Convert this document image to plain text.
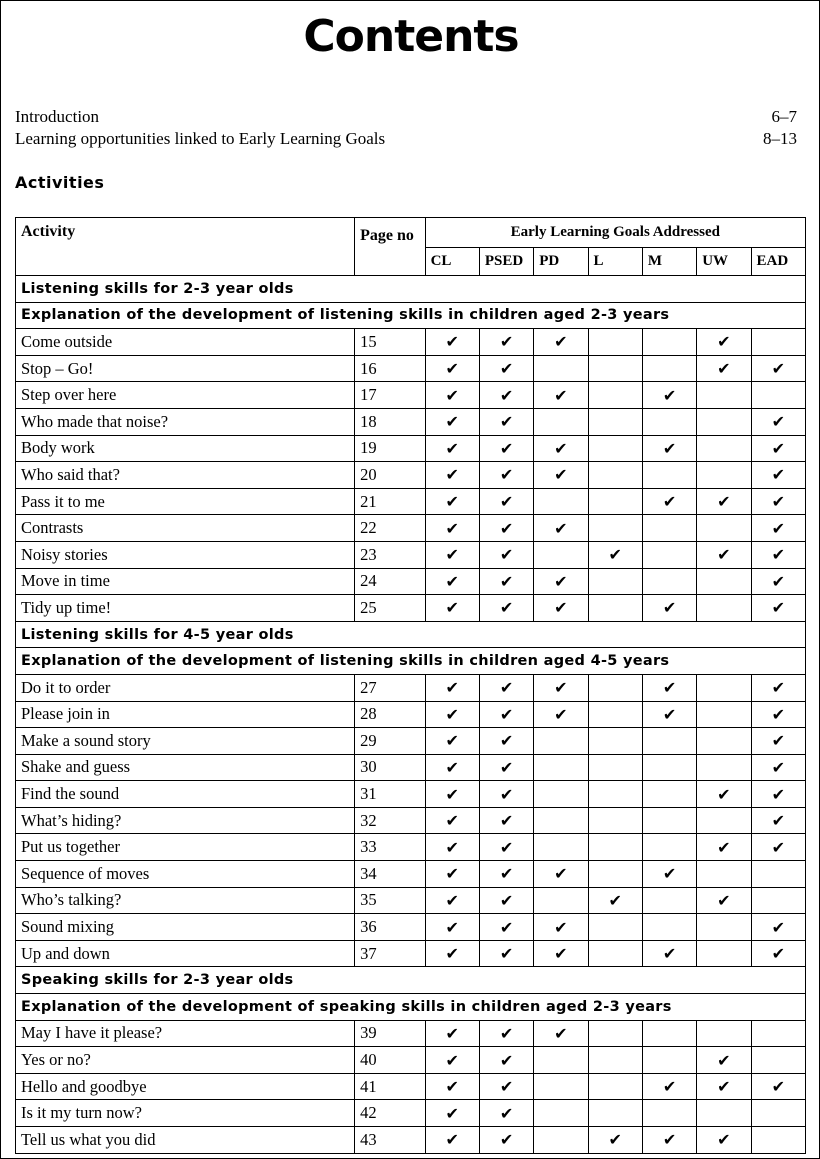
Contents
Introduction	6–7
Learning opportunities linked to Early Learning Goals	8–13
Activities
Activity	Page no	Early Learning Goals Addressed						
		CL	PSED	PD	L	M	UW	EAD
Listening skills for 2-3 year olds								
Explanation of the development of listening skills in children aged 2-3 years								
Come outside	15	✔	✔	✔			✔	
Stop – Go!	16	✔	✔				✔	✔
Step over here	17	✔	✔	✔		✔		
Who made that noise?	18	✔	✔					✔
Body work	19	✔	✔	✔		✔		✔
Who said that?	20	✔	✔	✔				✔
Pass it to me	21	✔	✔			✔	✔	✔
Contrasts	22	✔	✔	✔				✔
Noisy stories	23	✔	✔		✔		✔	✔
Move in time	24	✔	✔	✔				✔
Tidy up time!	25	✔	✔	✔		✔		✔
Listening skills for 4-5 year olds								
Explanation of the development of listening skills in children aged 4-5 years								
Do it to order	27	✔	✔	✔		✔		✔
Please join in	28	✔	✔	✔		✔		✔
Make a sound story	29	✔	✔					✔
Shake and guess	30	✔	✔					✔
Find the sound	31	✔	✔				✔	✔
What’s hiding?	32	✔	✔					✔
Put us together	33	✔	✔				✔	✔
Sequence of moves	34	✔	✔	✔		✔		
Who’s talking?	35	✔	✔		✔		✔	
Sound mixing	36	✔	✔	✔				✔
Up and down	37	✔	✔	✔		✔		✔
Speaking skills for 2-3 year olds								
Explanation of the development of speaking skills in children aged 2-3 years								
May I have it please?	39	✔	✔	✔				
Yes or no?	40	✔	✔				✔	
Hello and goodbye	41	✔	✔			✔	✔	✔
Is it my turn now?	42	✔	✔					
Tell us what you did	43	✔	✔		✔	✔	✔	
